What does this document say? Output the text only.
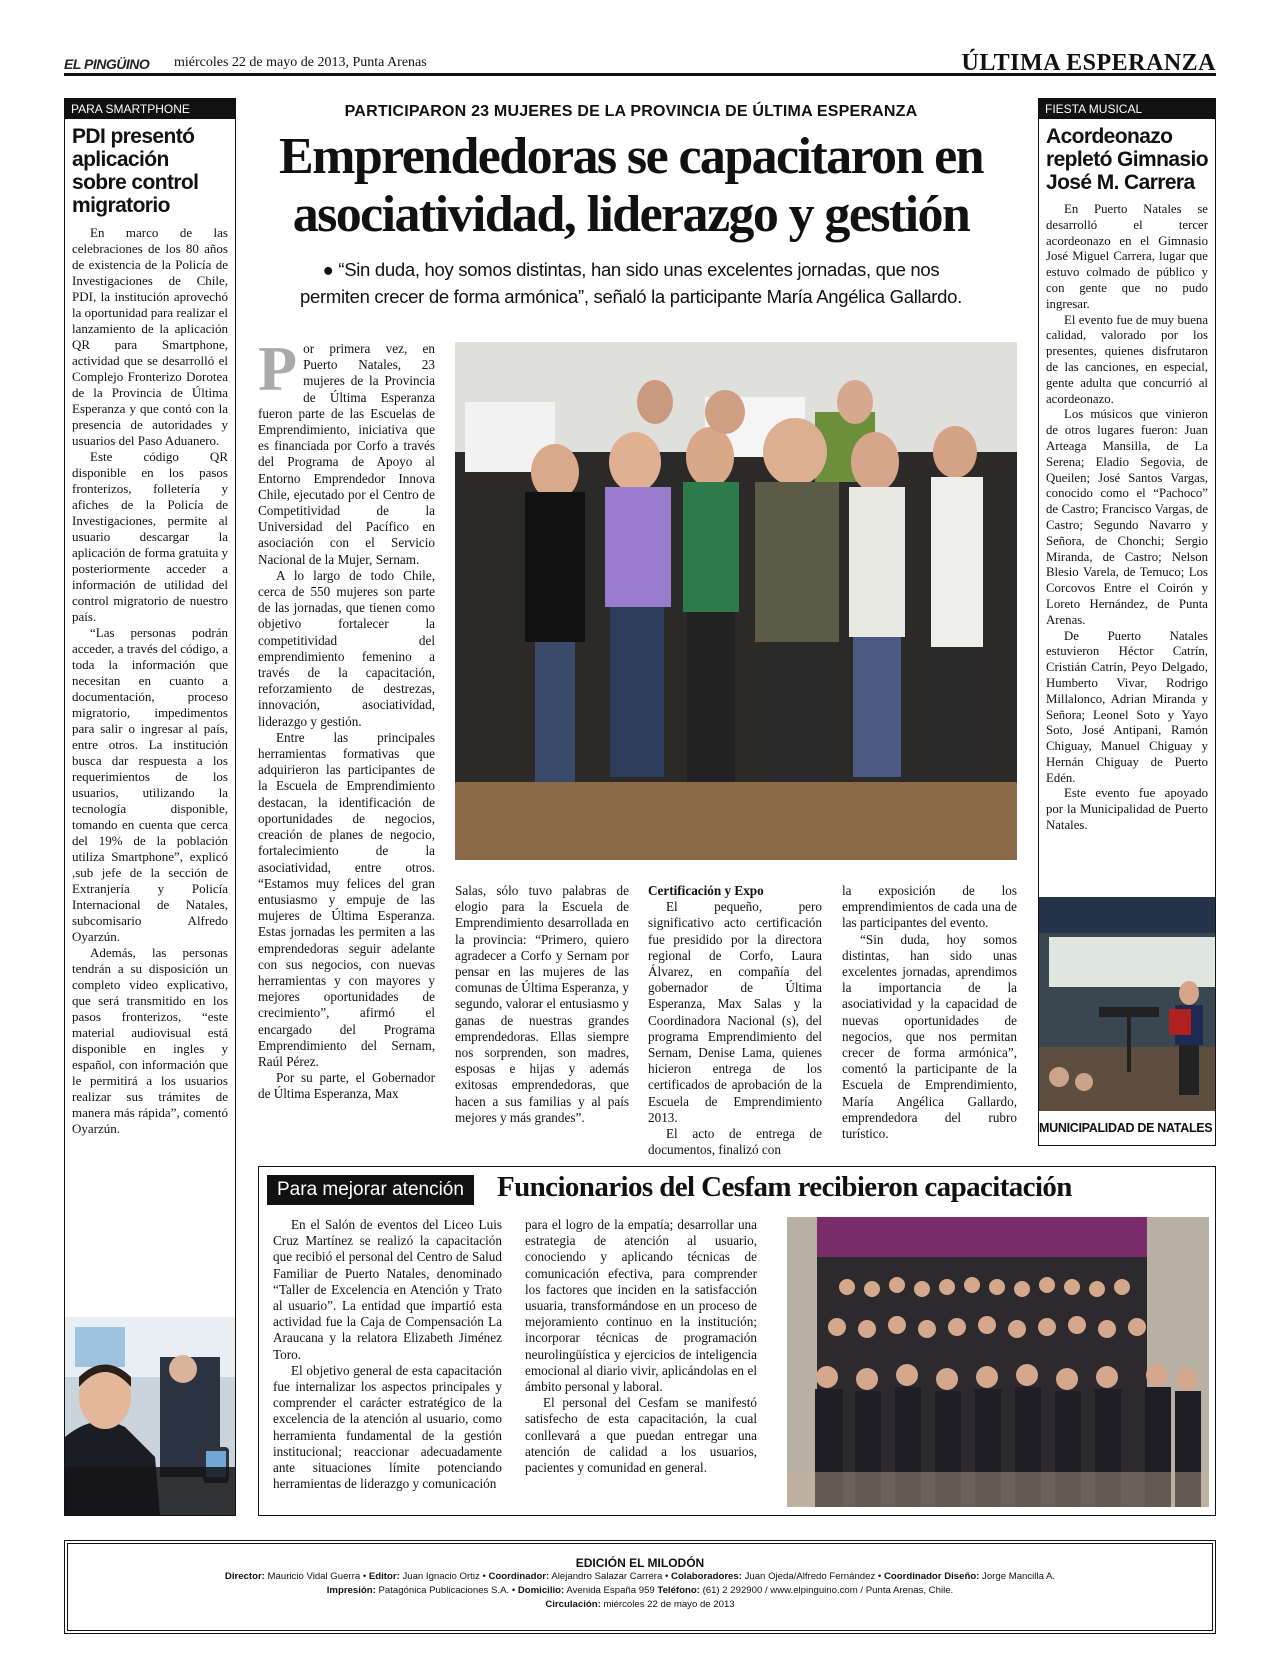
EL PINGÜINO miércoles 22 de mayo de 2013, Punta Arenas	ÚLTIMA ESPERANZA
PARA SMARTPHONE
PDI presentó aplicación sobre control migratorio

En marco de las celebraciones de los 80 años de existencia de la Policía de Investigaciones de Chile, PDI, la institución aprovechó la oportunidad para realizar el lanzamiento de la aplicación QR para Smartphone, actividad que se desarrolló el Complejo Fronterizo Dorotea de la Provincia de Última Esperanza y que contó con la presencia de autoridades y usuarios del Paso Aduanero.

Este código QR disponible en los pasos fronterizos, folletería y afiches de la Policía de Investigaciones, permite al usuario descargar la aplicación de forma gratuita y posteriormente acceder a información de utilidad del control migratorio de nuestro país.

“Las personas podrán acceder, a través del código, a toda la información que necesitan en cuanto a documentación, proceso migratorio, impedimentos para salir o ingresar al país, entre otros. La institución busca dar respuesta a los requerimientos de los usuarios, utilizando la tecnología disponible, tomando en cuenta que cerca del 19% de la población utiliza Smartphone”, explicó ,sub jefe de la sección de Extranjería y Policía Internacional de Natales, subcomisario Alfredo Oyarzún.

Además, las personas tendrán a su disposición un completo video explicativo, que será transmitido en los pasos fronterizos, “este material audiovisual está disponible en ingles y español, con información que le permitirá a los usuarios realizar sus trámites de manera más rápida”, comentó Oyarzún.

PARTICIPARON 23 MUJERES DE LA PROVINCIA DE ÚLTIMA ESPERANZA
Emprendedoras se capacitaron en
asociatividad, liderazgo y gestión
● “Sin duda, hoy somos distintas, han sido unas excelentes jornadas, que nos
permiten crecer de forma armónica”, señaló la participante María Angélica Gallardo.

Por primera vez, en Puerto Natales, 23 mujeres de la Provincia de Última Esperanza fueron parte de las Escuelas de Emprendimiento, iniciativa que es financiada por Corfo a través del Programa de Apoyo al Entorno Emprendedor Innova Chile, ejecutado por el Centro de Competitividad de la Universidad del Pacífico en asociación con el Servicio Nacional de la Mujer, Sernam.

A lo largo de todo Chile, cerca de 550 mujeres son parte de las jornadas, que tienen como objetivo fortalecer la competitividad del emprendimiento femenino a través de la capacitación, reforzamiento de destrezas, innovación, asociatividad, liderazgo y gestión.

Entre las principales herramientas formativas que adquirieron las participantes de la Escuela de Emprendimiento destacan, la identificación de oportunidades de negocios, creación de planes de negocio, fortalecimiento de la asociatividad, entre otros. “Estamos muy felices del gran entusiasmo y empuje de las mujeres de Última Esperanza. Estas jornadas les permiten a las emprendedoras seguir adelante con sus negocios, con nuevas herramientas y con mayores y mejores oportunidades de crecimiento”, afirmó el encargado del Programa Emprendimiento del Sernam, Raúl Pérez.

Por su parte, el Gobernador de Última Esperanza, Max

Salas, sólo tuvo palabras de elogio para la Escuela de Emprendimiento desarrollada en la provincia: “Primero, quiero agradecer a Corfo y Sernam por pensar en las mujeres de las comunas de Última Esperanza, y segundo, valorar el entusiasmo y ganas de nuestras grandes emprendedoras. Ellas siempre nos sorprenden, son madres, esposas e hijas y además exitosas emprendedoras, que hacen a sus familias y al país mejores y más grandes”.

Certificación y Expo

El pequeño, pero significativo acto certificación fue presidido por la directora regional de Corfo, Laura Álvarez, en compañía del gobernador de Última Esperanza, Max Salas y la Coordinadora Nacional (s), del programa Emprendimiento del Sernam, Denise Lama, quienes hicieron entrega de los certificados de aprobación de la Escuela de Emprendimiento 2013.

El acto de entrega de documentos, finalizó con

la exposición de los emprendimientos de cada una de las participantes del evento.

“Sin duda, hoy somos distintas, han sido unas excelentes jornadas, aprendimos la importancia de la asociatividad y la capacidad de nuevas oportunidades de negocios, que nos permitan crecer de forma armónica”, comentó la participante de la Escuela de Emprendimiento, María Angélica Gallardo, emprendedora del rubro turístico.

FIESTA MUSICAL
Acordeonazo repletó Gimnasio José M. Carrera

En Puerto Natales se desarrolló el tercer acordeonazo en el Gimnasio José Miguel Carrera, lugar que estuvo colmado de público y con gente que no pudo ingresar.

El evento fue de muy buena calidad, valorado por los presentes, quienes disfrutaron de las canciones, en especial, gente adulta que concurrió al acordeonazo.

Los músicos que vinieron de otros lugares fueron: Juan Arteaga Mansilla, de La Serena; Eladio Segovia, de Queilen; José Santos Vargas, conocido como el “Pachoco” de Castro; Francisco Vargas, de Castro; Segundo Navarro y Señora, de Chonchi; Sergio Miranda, de Castro; Nelson Blesio Varela, de Temuco; Los Corcovos Entre el Coirón y Loreto Hernández, de Punta Arenas.

De Puerto Natales estuvieron Héctor Catrín, Cristián Catrín, Peyo Delgado, Humberto Vivar, Rodrigo Millalonco, Adrian Miranda y Señora; Leonel Soto y Yayo Soto, José Antipani, Ramón Chiguay, Manuel Chiguay y Hernán Chiguay de Puerto Edén.

Este evento fue apoyado por la Municipalidad de Puerto Natales.

MUNICIPALIDAD DE NATALES
Para mejorar atención	Funcionarios del Cesfam recibieron capacitación

En el Salón de eventos del Liceo Luis Cruz Martínez se realizó la capacitación que recibió el personal del Centro de Salud Familiar de Puerto Natales, denominado “Taller de Excelencia en Atención y Trato al usuario”. La entidad que impartió esta actividad fue la Caja de Compensación La Araucana y la relatora Elizabeth Jiménez Toro.

El objetivo general de esta capacitación fue internalizar los aspectos principales y comprender el carácter estratégico de la excelencia de la atención al usuario, como herramienta fundamental de la gestión institucional; reaccionar adecuadamente ante situaciones límite potenciando herramientas de liderazgo y comunicación

para el logro de la empatía; desarrollar una estrategia de atención al usuario, conociendo y aplicando técnicas de comunicación efectiva, para comprender los factores que inciden en la satisfacción usuaria, transformándose en un proceso de mejoramiento continuo en la institución; incorporar técnicas de programación neurolingüística y ejercicios de inteligencia emocional al diario vivir, aplicándolas en el ámbito personal y laboral.

El personal del Cesfam se manifestó satisfecho de esta capacitación, la cual conllevará a que puedan entregar una atención de calidad a los usuarios, pacientes y comunidad en general.

EDICIÓN EL MILODÓN
Director: Mauricio Vidal Guerra • Editor: Juan Ignacio Ortiz • Coordinador: Alejandro Salazar Carrera • Colaboradores: Juan Ojeda/Alfredo Fernández • Coordinador Diseño: Jorge Mancilla A.
Impresión: Patagónica Publicaciones S.A. • Domicilio: Avenida España 959 Teléfono: (61) 2 292900 / www.elpinguino.com / Punta Arenas, Chile.
Circulación: miércoles 22 de mayo de 2013
